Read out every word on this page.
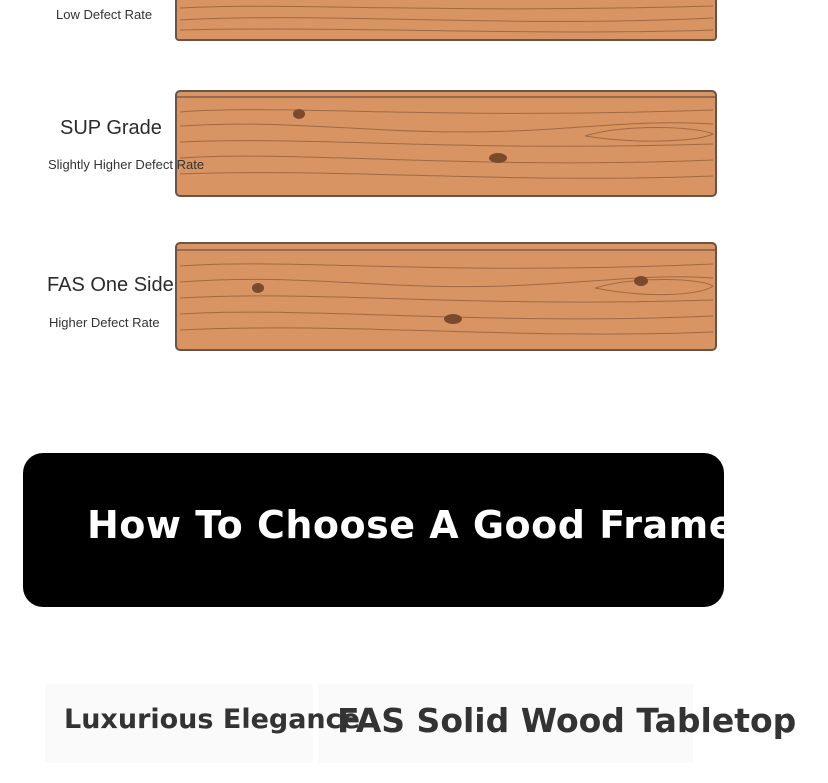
Low Defect Rate
SUP Grade
Slightly Higher Defect Rate
FAS One Side
Higher Defect Rate
How To Choose A Good Frame? | C
Luxurious Elegance
FAS Solid Wood Tabletop
